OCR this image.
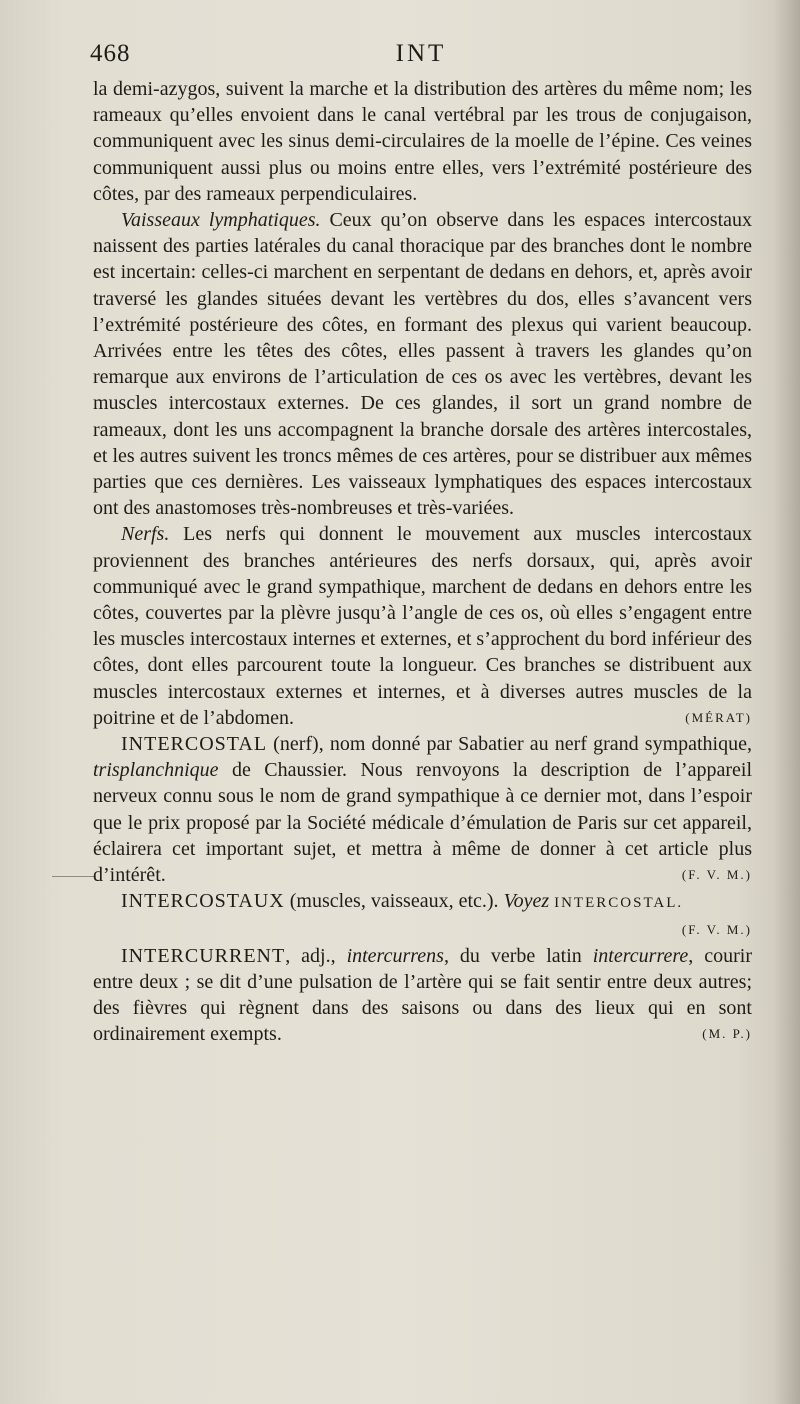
468	INT

la demi-azygos, suivent la marche et la distribution des artères du même nom; les rameaux qu’elles envoient dans le canal vertébral par les trous de conjugaison, communiquent avec les sinus demi-circulaires de la moelle de l’épine. Ces veines communiquent aussi plus ou moins entre elles, vers l’extrémité postérieure des côtes, par des rameaux perpendiculaires.

Vaisseaux lymphatiques. Ceux qu’on observe dans les espaces intercostaux naissent des parties latérales du canal thoracique par des branches dont le nombre est incertain: celles-ci marchent en serpentant de dedans en dehors, et, après avoir traversé les glandes situées devant les vertèbres du dos, elles s’avancent vers l’extrémité postérieure des côtes, en formant des plexus qui varient beaucoup. Arrivées entre les têtes des côtes, elles passent à travers les glandes qu’on remarque aux environs de l’articulation de ces os avec les vertèbres, devant les muscles intercostaux externes. De ces glandes, il sort un grand nombre de rameaux, dont les uns accompagnent la branche dorsale des artères intercostales, et les autres suivent les troncs mêmes de ces artères, pour se distribuer aux mêmes parties que ces dernières. Les vaisseaux lymphatiques des espaces intercostaux ont des anastomoses très-nombreuses et très-variées.

Nerfs. Les nerfs qui donnent le mouvement aux muscles intercostaux proviennent des branches antérieures des nerfs dorsaux, qui, après avoir communiqué avec le grand sympathique, marchent de dedans en dehors entre les côtes, couvertes par la plèvre jusqu’à l’angle de ces os, où elles s’engagent entre les muscles intercostaux internes et externes, et s’approchent du bord inférieur des côtes, dont elles parcourent toute la longueur. Ces branches se distribuent aux muscles intercostaux externes et internes, et à diverses autres muscles de la poitrine et de l’abdomen.	(MÉRAT)

INTERCOSTAL (nerf), nom donné par Sabatier au nerf grand sympathique, trisplanchnique de Chaussier. Nous renvoyons la description de l’appareil nerveux connu sous le nom de grand sympathique à ce dernier mot, dans l’espoir que le prix proposé par la Société médicale d’émulation de Paris sur cet appareil, éclairera cet important sujet, et mettra à même de donner à cet article plus d’intérêt.	(F. V. M.)

INTERCOSTAUX (muscles, vaisseaux, etc.). Voyez INTERCOSTAL.
(F. V. M.)

INTERCURRENT, adj., intercurrens, du verbe latin intercurrere, courir entre deux ; se dit d’une pulsation de l’artère qui se fait sentir entre deux autres; des fièvres qui règnent dans des saisons ou dans des lieux qui en sont ordinairement exempts.	(M. P.)
